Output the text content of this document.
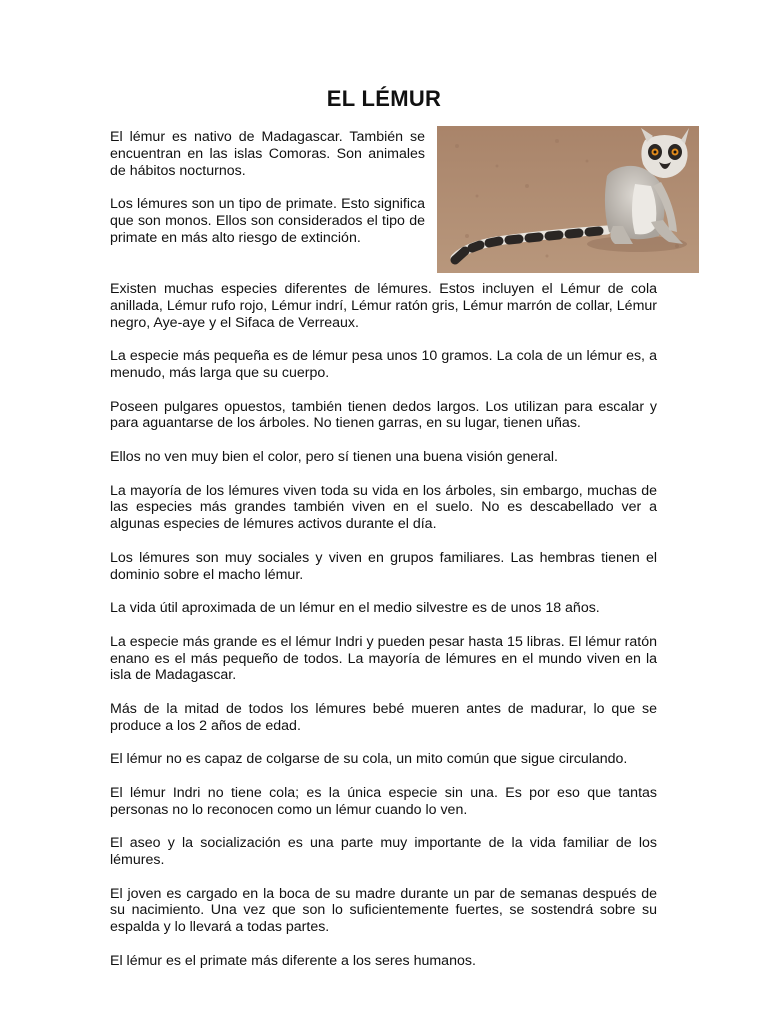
EL LÉMUR

El lémur es nativo de Madagascar. También se encuentran en las islas Comoras. Son animales de hábitos nocturnos.

Los lémures son un tipo de primate. Esto significa que son monos. Ellos son considerados el tipo de primate en más alto riesgo de extinción.

Existen muchas especies diferentes de lémures. Estos incluyen el Lémur de cola anillada, Lémur rufo rojo, Lémur indrí, Lémur ratón gris, Lémur marrón de collar, Lémur negro, Aye-aye y el Sifaca de Verreaux.

La especie más pequeña es de lémur pesa unos 10 gramos. La cola de un lémur es, a menudo, más larga que su cuerpo.

Poseen pulgares opuestos, también tienen dedos largos. Los utilizan para escalar y para aguantarse de los árboles. No tienen garras, en su lugar, tienen uñas.

Ellos no ven muy bien el color, pero sí tienen una buena visión general.

La mayoría de los lémures viven toda su vida en los árboles, sin embargo, muchas de las especies más grandes también viven en el suelo. No es descabellado ver a algunas especies de lémures activos durante el día.

Los lémures son muy sociales y viven en grupos familiares. Las hembras tienen el dominio sobre el macho lémur.

La vida útil aproximada de un lémur en el medio silvestre es de unos 18 años.

La especie más grande es el lémur Indri y pueden pesar hasta 15 libras. El lémur ratón enano es el más pequeño de todos. La mayoría de lémures en el mundo viven en la isla de Madagascar.

Más de la mitad de todos los lémures bebé mueren antes de madurar, lo que se produce a los 2 años de edad.

El lémur no es capaz de colgarse de su cola, un mito común que sigue circulando.

El lémur Indri no tiene cola; es la única especie sin una. Es por eso que tantas personas no lo reconocen como un lémur cuando lo ven.

El aseo y la socialización es una parte muy importante de la vida familiar de los lémures.

El joven es cargado en la boca de su madre durante un par de semanas después de su nacimiento. Una vez que son lo suficientemente fuertes, se sostendrá sobre su espalda y lo llevará a todas partes.

El lémur es el primate más diferente a los seres humanos.
